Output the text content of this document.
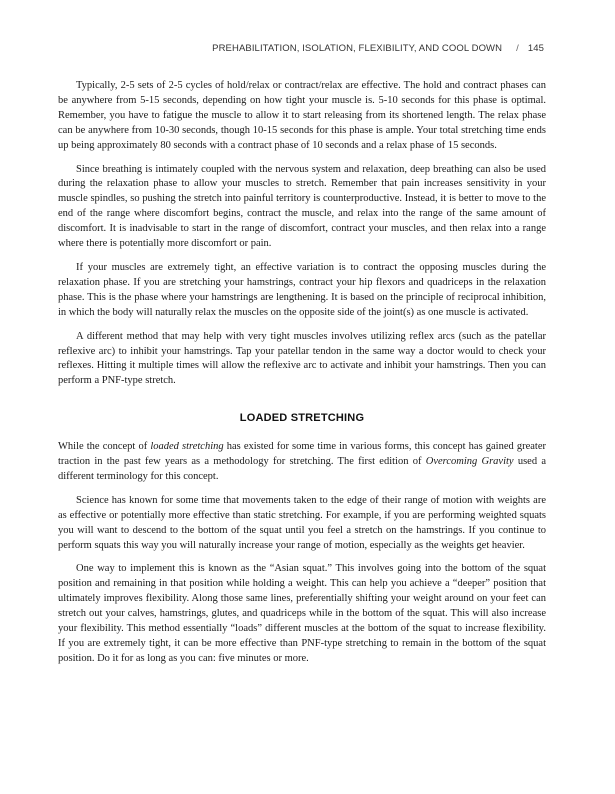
PREHABILITATION, ISOLATION, FLEXIBILITY, AND COOL DOWN / 145

Typically, 2-5 sets of 2-5 cycles of hold/relax or contract/relax are effective. The hold and contract phases can be anywhere from 5-15 seconds, depending on how tight your muscle is. 5-10 seconds for this phase is optimal. Remember, you have to fatigue the muscle to allow it to start releasing from its shortened length. The relax phase can be anywhere from 10-30 seconds, though 10-15 seconds for this phase is ample. Your total stretching time ends up being approximately 80 seconds with a contract phase of 10 seconds and a relax phase of 15 seconds.

Since breathing is intimately coupled with the nervous system and relaxation, deep breathing can also be used during the relaxation phase to allow your muscles to stretch. Remember that pain increases sensitivity in your muscle spindles, so pushing the stretch into painful territory is counterproductive. Instead, it is better to move to the end of the range where discomfort begins, contract the muscle, and relax into the range of the same amount of discomfort. It is inadvisable to start in the range of discomfort, contract your muscles, and then relax into a range where there is potentially more discomfort or pain.

If your muscles are extremely tight, an effective variation is to contract the opposing muscles during the relaxation phase. If you are stretching your hamstrings, contract your hip flexors and quadriceps in the relaxation phase. This is the phase where your hamstrings are lengthening. It is based on the principle of reciprocal inhibition, in which the body will naturally relax the muscles on the opposite side of the joint(s) as one muscle is activated.

A different method that may help with very tight muscles involves utilizing reflex arcs (such as the patellar reflexive arc) to inhibit your hamstrings. Tap your patellar tendon in the same way a doctor would to check your reflexes. Hitting it multiple times will allow the reflexive arc to activate and inhibit your hamstrings. Then you can perform a PNF-type stretch.

LOADED STRETCHING

While the concept of loaded stretching has existed for some time in various forms, this concept has gained greater traction in the past few years as a methodology for stretching. The first edition of Overcoming Gravity used a different terminology for this concept.

Science has known for some time that movements taken to the edge of their range of motion with weights are as effective or potentially more effective than static stretching. For example, if you are performing weighted squats you will want to descend to the bottom of the squat until you feel a stretch on the hamstrings. If you continue to perform squats this way you will naturally increase your range of motion, especially as the weights get heavier.

One way to implement this is known as the “Asian squat.” This involves going into the bottom of the squat position and remaining in that position while holding a weight. This can help you achieve a “deeper” position that ultimately improves flexibility. Along those same lines, preferentially shifting your weight around on your feet can stretch out your calves, hamstrings, glutes, and quadriceps while in the bottom of the squat. This will also increase your flexibility. This method essentially “loads” different muscles at the bottom of the squat to increase flexibility. If you are extremely tight, it can be more effective than PNF-type stretching to remain in the bottom of the squat position. Do it for as long as you can: five minutes or more.
